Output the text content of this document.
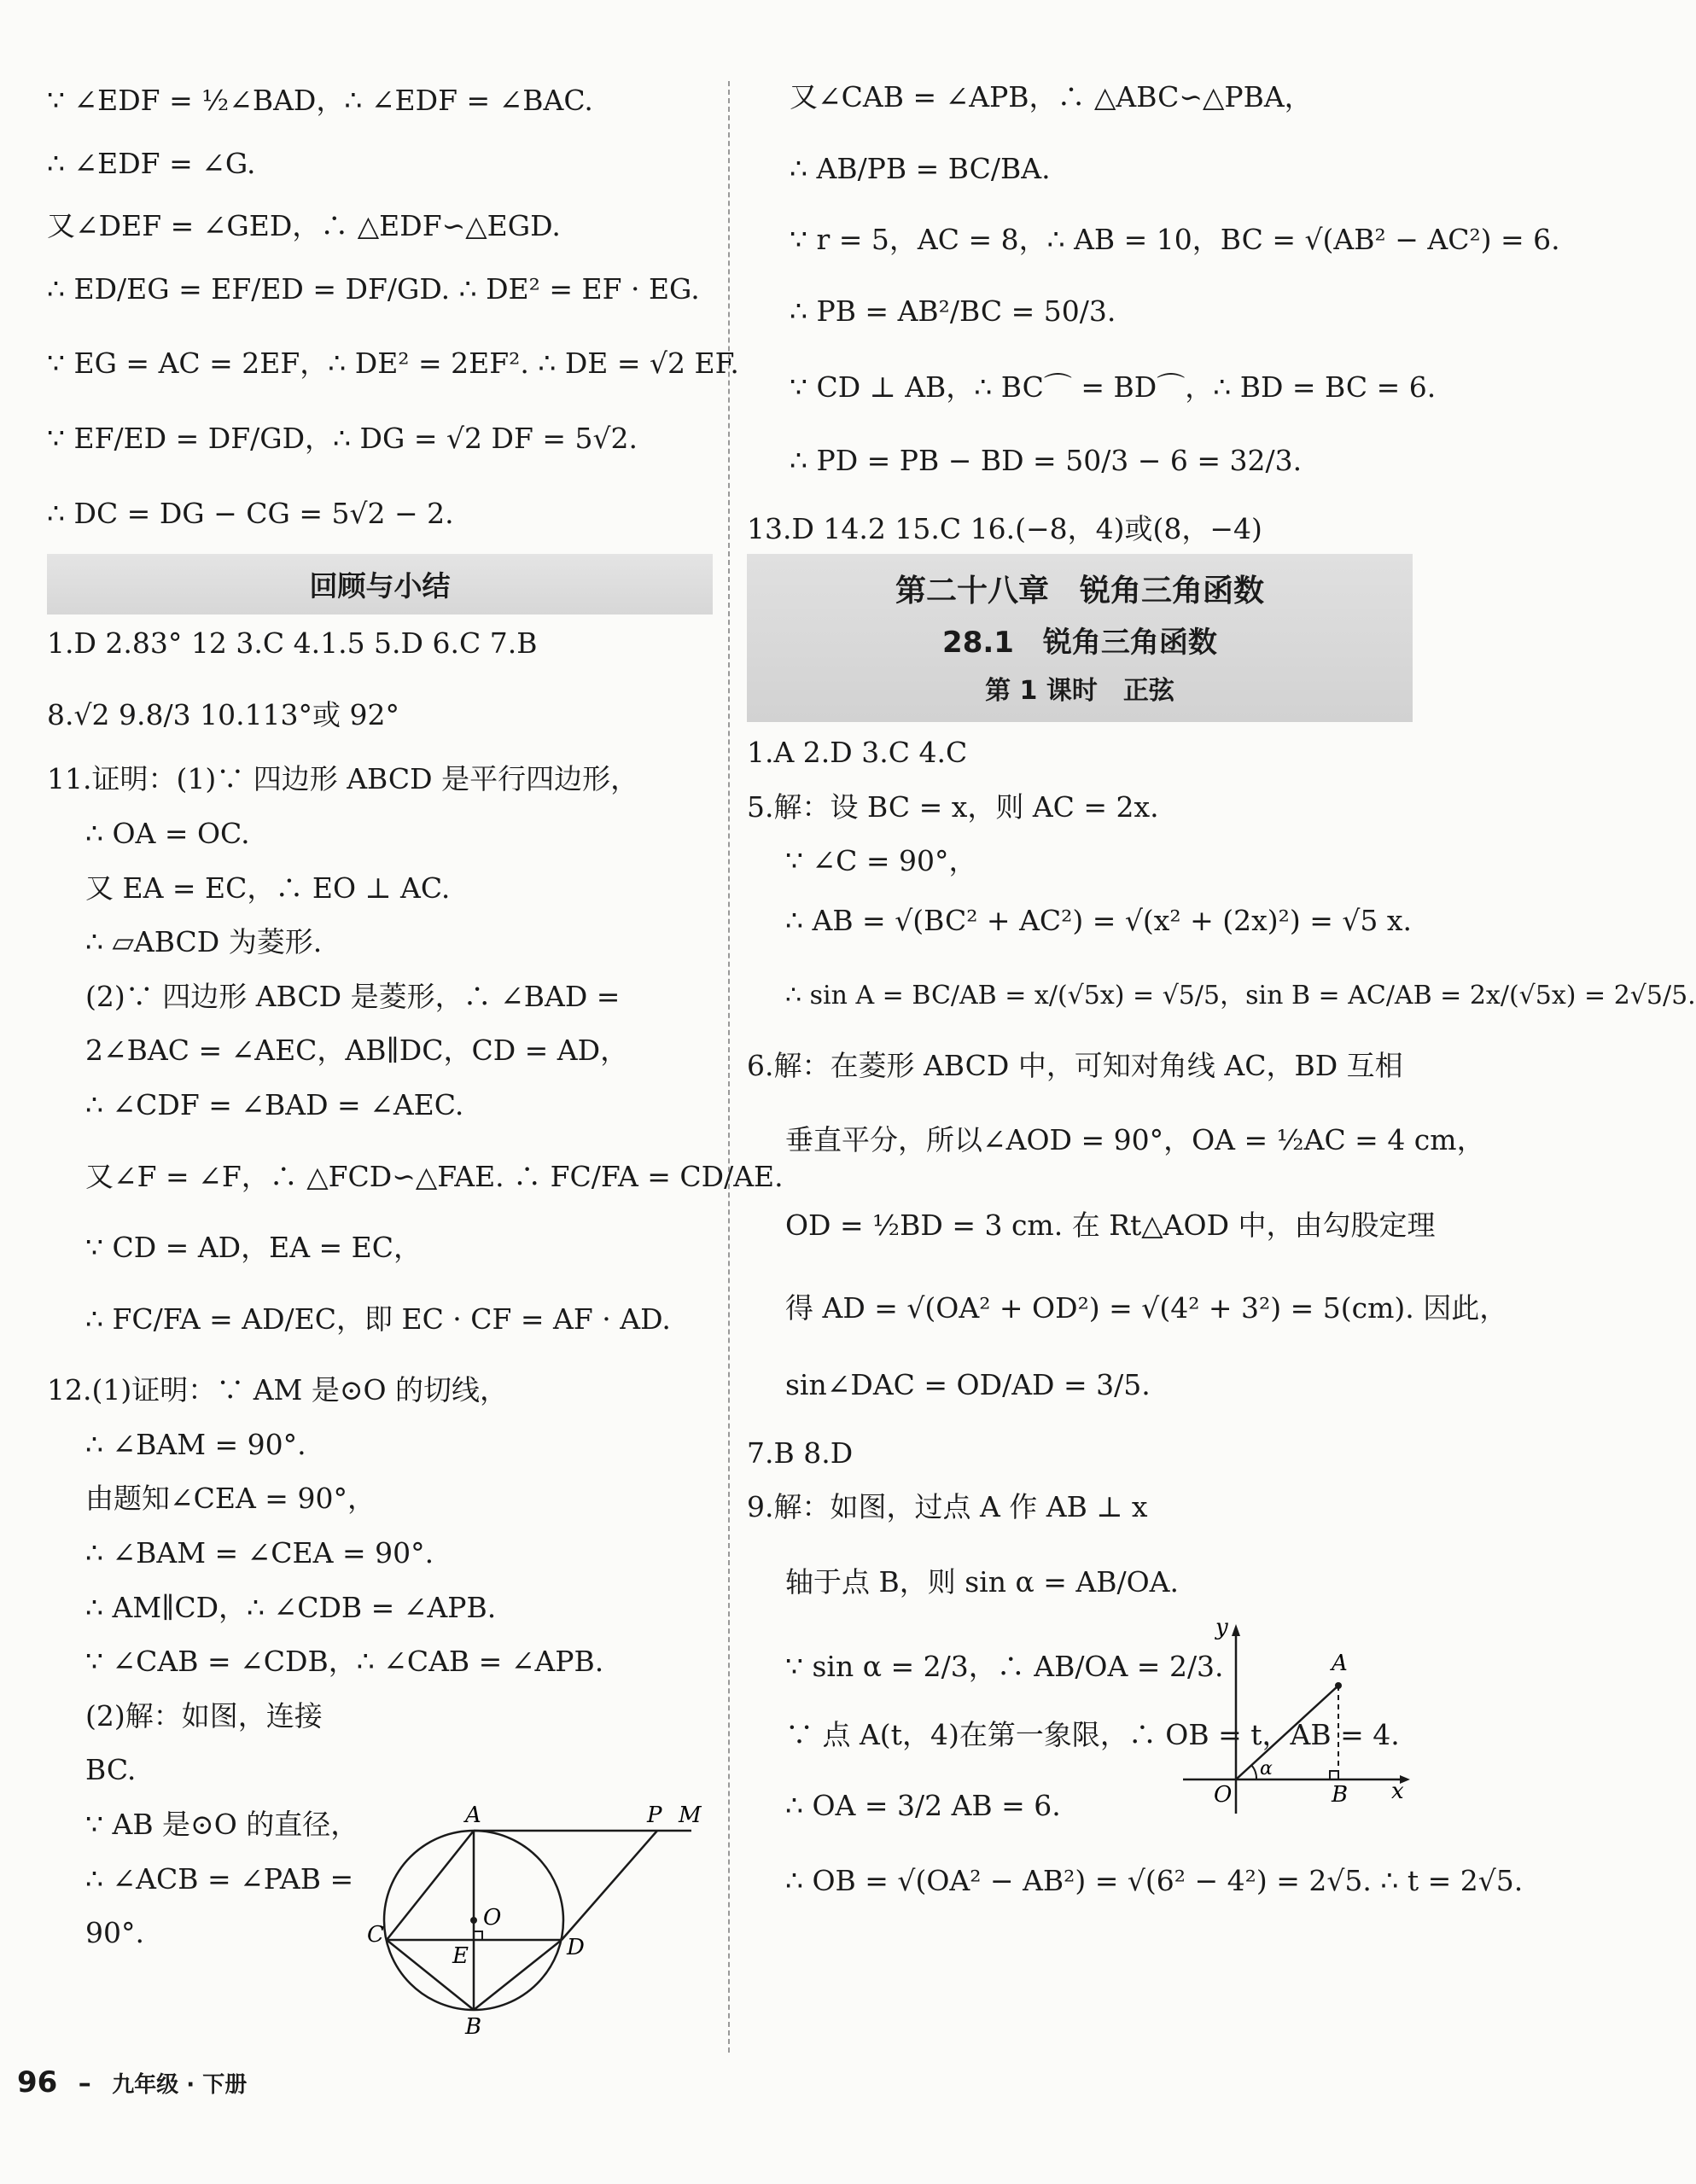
∵ ∠EDF = ½∠BAD，∴ ∠EDF = ∠BAC.
∴ ∠EDF = ∠G.
又∠DEF = ∠GED，∴ △EDF∽△EGD.
∴ ED/EG = EF/ED = DF/GD. ∴ DE² = EF · EG.
∵ EG = AC = 2EF，∴ DE² = 2EF². ∴ DE = √2 EF.
∵ EF/ED = DF/GD，∴ DG = √2 DF = 5√2.
∴ DC = DG − CG = 5√2 − 2.
回顾与小结
1.D 2.83° 12 3.C 4.1.5 5.D 6.C 7.B
8.√2 9.8/3 10.113°或 92°
11.证明：(1)∵ 四边形 ABCD 是平行四边形，
∴ OA = OC.
又 EA = EC，∴ EO ⊥ AC.
∴ ▱ABCD 为菱形.
(2)∵ 四边形 ABCD 是菱形，∴ ∠BAD =
2∠BAC = ∠AEC，AB∥DC，CD = AD，
∴ ∠CDF = ∠BAD = ∠AEC.
又∠F = ∠F，∴ △FCD∽△FAE. ∴ FC/FA = CD/AE.
∵ CD = AD，EA = EC，
∴ FC/FA = AD/EC，即 EC · CF = AF · AD.
12.(1)证明：∵ AM 是⊙O 的切线，
∴ ∠BAM = 90°.
由题知∠CEA = 90°，
∴ ∠BAM = ∠CEA = 90°.
∴ AM∥CD，∴ ∠CDB = ∠APB.
∵ ∠CAB = ∠CDB，∴ ∠CAB = ∠APB.
(2)解：如图，连接
BC.
∵ AB 是⊙O 的直径，
∴ ∠ACB = ∠PAB =
90°.
A	P M
O
C
E	D
B
又∠CAB = ∠APB，∴ △ABC∽△PBA，
∴ AB/PB = BC/BA.
∵ r = 5，AC = 8，∴ AB = 10，BC = √(AB² − AC²) = 6.
∴ PB = AB²/BC = 50/3.
∵ CD ⊥ AB，∴ BC⌒ = BD⌒，∴ BD = BC = 6.
∴ PD = PB − BD = 50/3 − 6 = 32/3.
13.D 14.2 15.C 16.(−8，4)或(8，−4)
第二十八章　锐角三角函数
28.1　锐角三角函数
第 1 课时　正弦
1.A 2.D 3.C 4.C
5.解：设 BC = x，则 AC = 2x.
∵ ∠C = 90°，
∴ AB = √(BC² + AC²) = √(x² + (2x)²) = √5 x.
∴ sin A = BC/AB = x/(√5x) = √5/5，sin B = AC/AB = 2x/(√5x) = 2√5/5.
6.解：在菱形 ABCD 中，可知对角线 AC，BD 互相
垂直平分，所以∠AOD = 90°，OA = ½AC = 4 cm，
OD = ½BD = 3 cm. 在 Rt△AOD 中，由勾股定理
得 AD = √(OA² + OD²) = √(4² + 3²) = 5(cm). 因此，
sin∠DAC = OD/AD = 3/5.
7.B 8.D
9.解：如图，过点 A 作 AB ⊥ x
轴于点 B，则 sin α = AB/OA.
∵ sin α = 2/3，∴ AB/OA = 2/3.
∵ 点 A(t，4)在第一象限，∴ OB = t，AB = 4.
∴ OA = 3/2 AB = 6.
∴ OB = √(OA² − AB²) = √(6² − 4²) = 2√5. ∴ t = 2√5.
y
A
α
O	B x
96 – 九年级 · 下册
